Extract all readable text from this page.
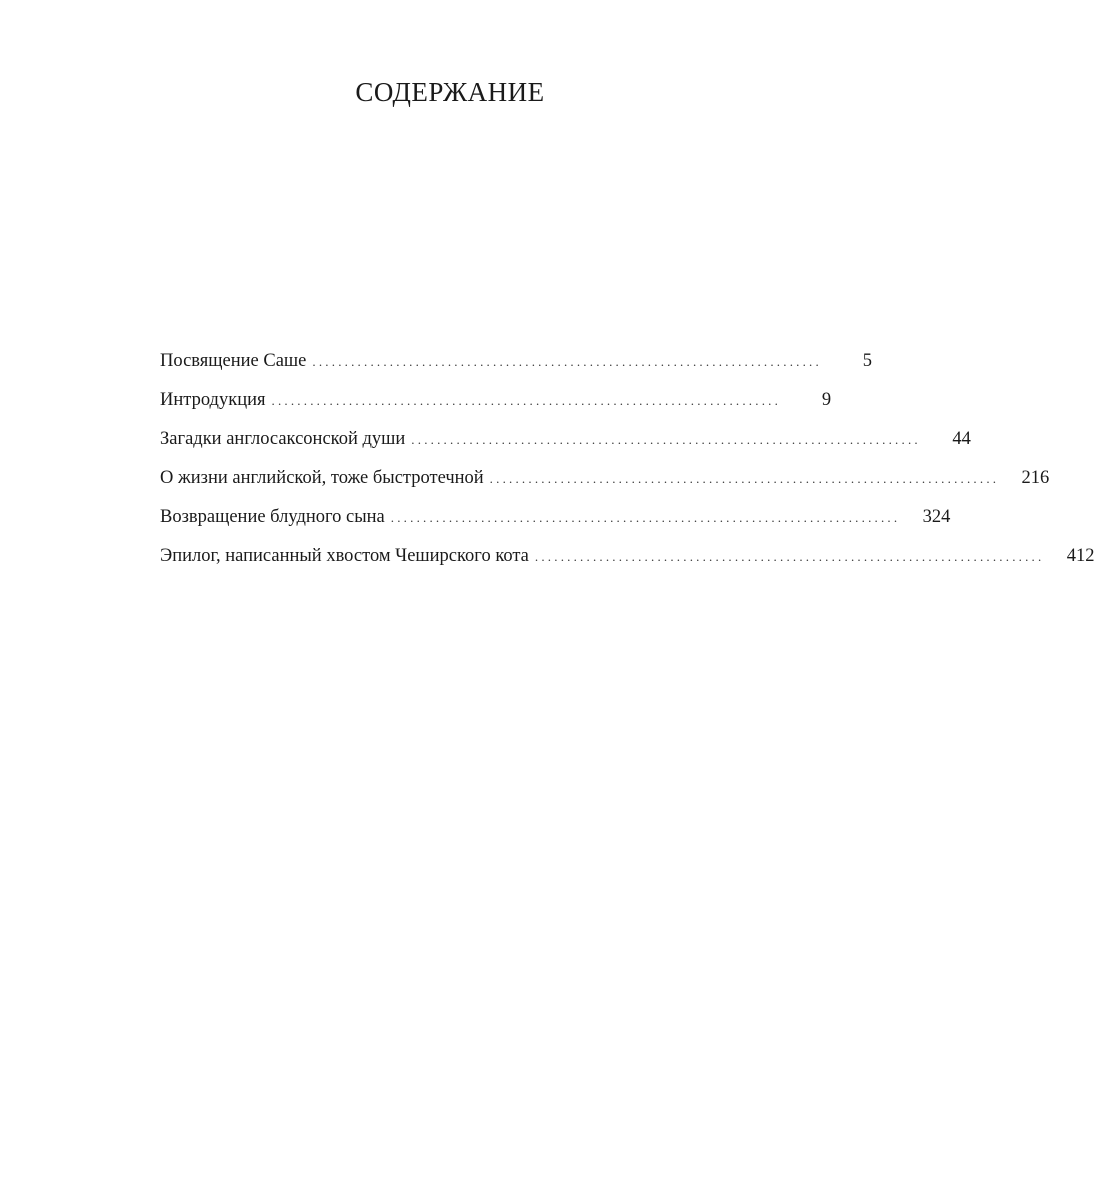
СОДЕРЖАНИЕ
Посвящение Саше ...............................................................................	5
Интродукция ...............................................................................	9
Загадки англосаксонской души ...............................................................................	44
О жизни английской, тоже быстротечной ...............................................................................	216
Возвращение блудного сына ...............................................................................	324
Эпилог, написанный хвостом Чеширского кота ...............................................................................	412
